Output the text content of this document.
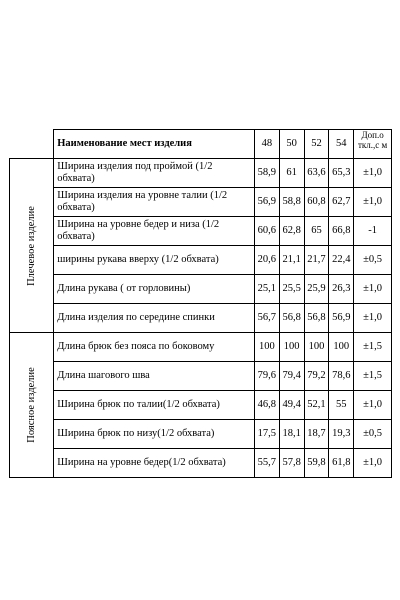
	Наименование мест изделия	48	50	52	54	Доп.о ткл.,с м

Плечевое изделие	Ширина изделия под проймой (1/2 обхвата)	58,9	61	63,6	65,3	±1,0
	Ширина изделия на уровне талии (1/2 обхвата)	56,9	58,8	60,8	62,7	±1,0
	Ширина на уровне бедер и низа (1/2 обхвата)	60,6	62,8	65	66,8	-1
	ширины рукава вверху (1/2 обхвата)	20,6	21,1	21,7	22,4	±0,5
	Длина рукава ( от горловины)	25,1	25,5	25,9	26,3	±1,0
	Длина изделия по середине спинки	56,7	56,8	56,8	56,9	±1,0

Поясное изделие	Длина брюк без пояса по боковому	100	100	100	100	±1,5
	Длина шагового шва	79,6	79,4	79,2	78,6	±1,5
	Ширина брюк по талии(1/2 обхвата)	46,8	49,4	52,1	55	±1,0
	Ширина брюк по низу(1/2 обхвата)	17,5	18,1	18,7	19,3	±0,5
	Ширина на уровне бедер(1/2 обхвата)	55,7	57,8	59,8	61,8	±1,0
